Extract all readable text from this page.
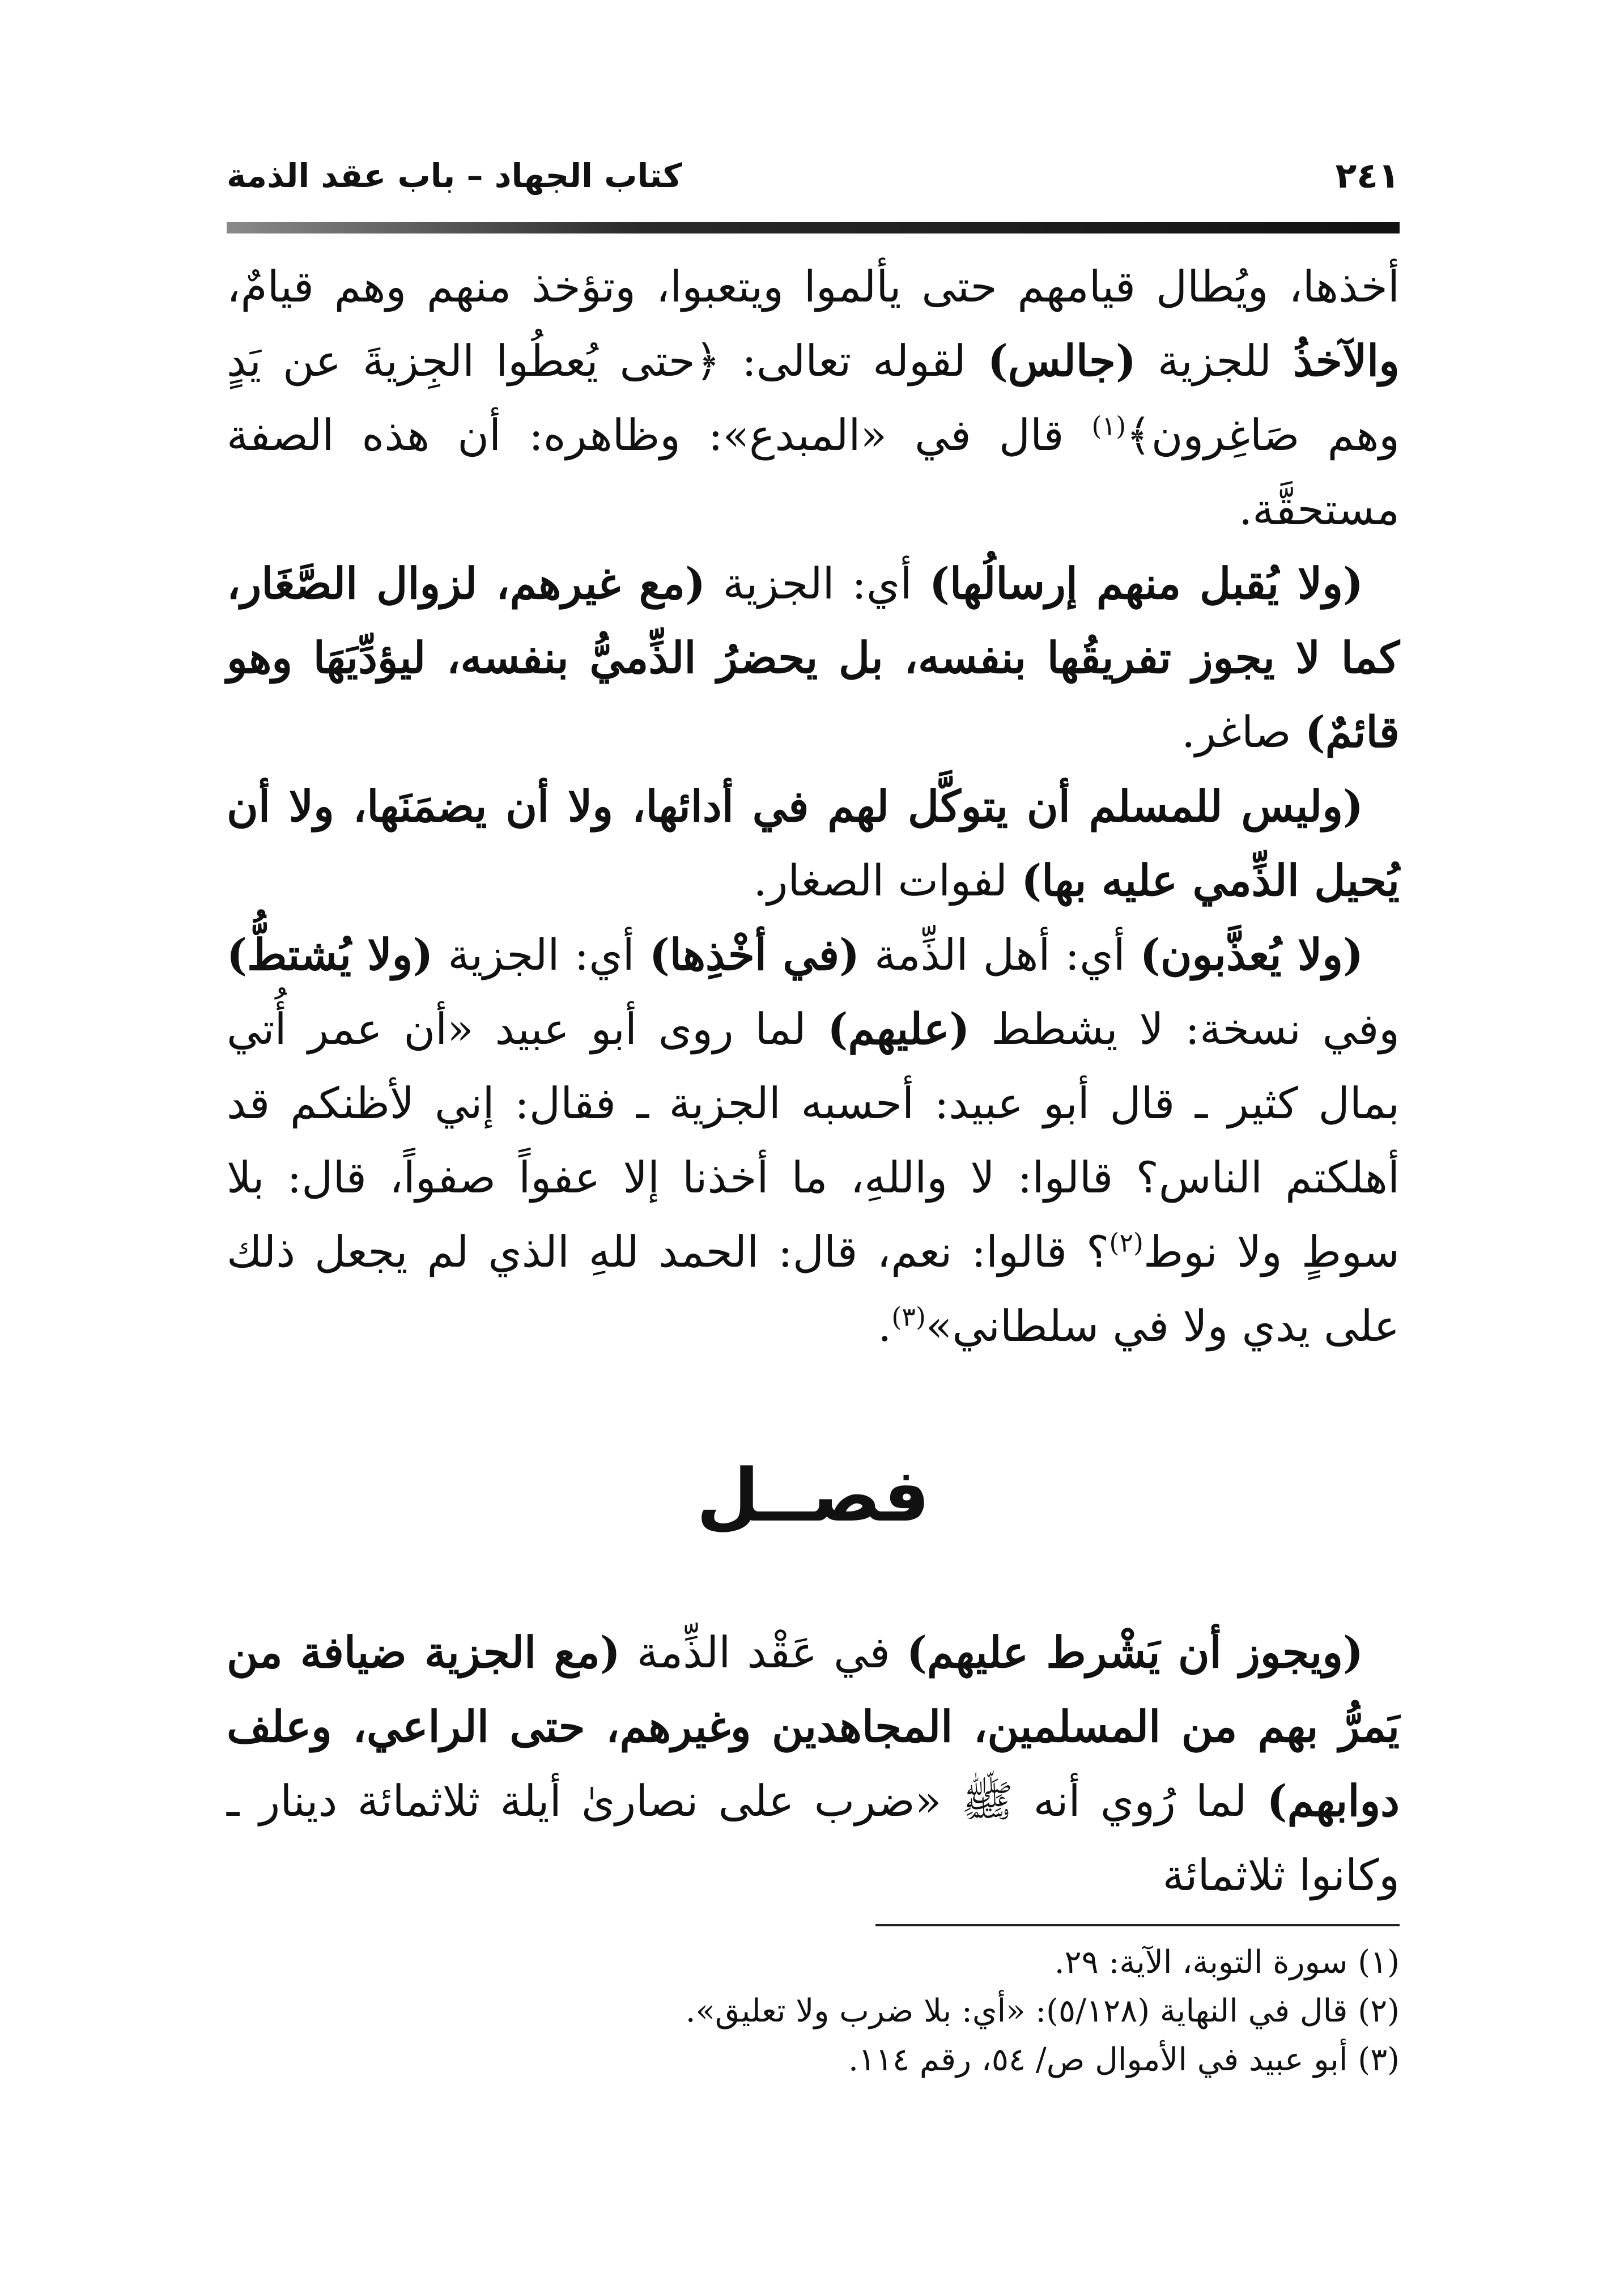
٢٤١
كتاب الجهاد – باب عقد الذمة

أخذها، ويُطال قيامهم حتى يألموا ويتعبوا، وتؤخذ منهم وهم قيامٌ، والآخذُ للجزية (جالس) لقوله تعالى: ﴿حتى يُعطُوا الجِزيةَ عن يَدٍ وهم صَاغِرون﴾$^{(١)}$ قال في «المبدع»: وظاهره: أن هذه الصفة مستحقَّة.

(ولا يُقبل منهم إرسالُها) أي: الجزية (مع غيرهم، لزوال الصَّغَار، كما لا يجوز تفريقُها بنفسه، بل يحضرُ الذِّميُّ بنفسه، ليؤدِّيَهَا وهو قائمٌ) صاغر.

(وليس للمسلم أن يتوكَّل لهم في أدائها، ولا أن يضمَنَها، ولا أن يُحيل الذِّمي عليه بها) لفوات الصغار.

(ولا يُعذَّبون) أي: أهل الذِّمة (في أخْذِها) أي: الجزية (ولا يُشتطُّ) وفي نسخة: لا يشطط (عليهم) لما روى أبو عبيد «أن عمر أُتي بمال كثير ـ قال أبو عبيد: أحسبه الجزية ـ فقال: إني لأظنكم قد أهلكتم الناس؟ قالوا: لا واللهِ، ما أخذنا إلا عفواً صفواً، قال: بلا سوطٍ ولا نوط$^{(٢)}$؟ قالوا: نعم، قال: الحمد للهِ الذي لم يجعل ذلك على يدي ولا في سلطاني»$^{(٣)}$.

فصــل

(ويجوز أن يَشْرط عليهم) في عَقْد الذِّمة (مع الجزية ضيافة من يَمرُّ بهم من المسلمين، المجاهدين وغيرهم، حتى الراعي، وعلف دوابهم) لما رُوي أنه ﷺ «ضرب على نصارىٰ أيلة ثلاثمائة دينار ـ وكانوا ثلاثمائة

(١) سورة التوبة، الآية: ٢٩.
(٢) قال في النهاية (٥/١٢٨): «أي: بلا ضرب ولا تعليق».
(٣) أبو عبيد في الأموال ص/ ٥٤، رقم ١١٤.
